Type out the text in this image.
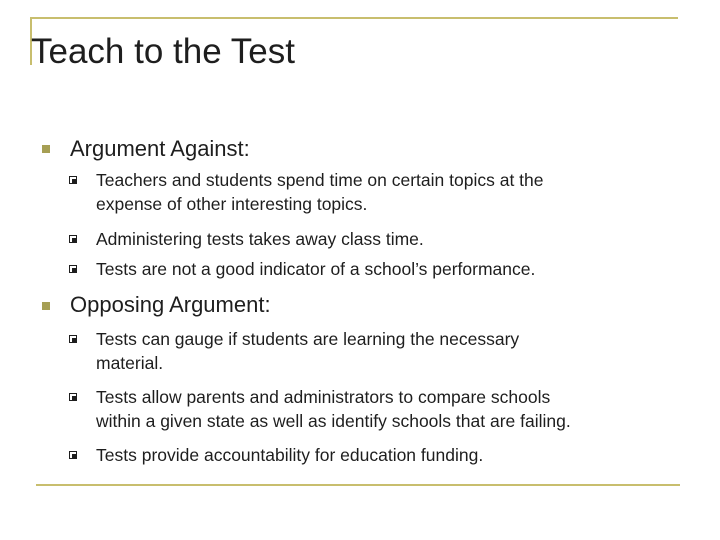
Teach to the Test
Argument Against:
Teachers and students spend time on certain topics at the
expense of other interesting topics.
Administering tests takes away class time.
Tests are not a good indicator of a school’s performance.
Opposing Argument:
Tests can gauge if students are learning the necessary
material.
Tests allow parents and administrators to compare schools
within a given state as well as identify schools that are failing.
Tests provide accountability for education funding.
